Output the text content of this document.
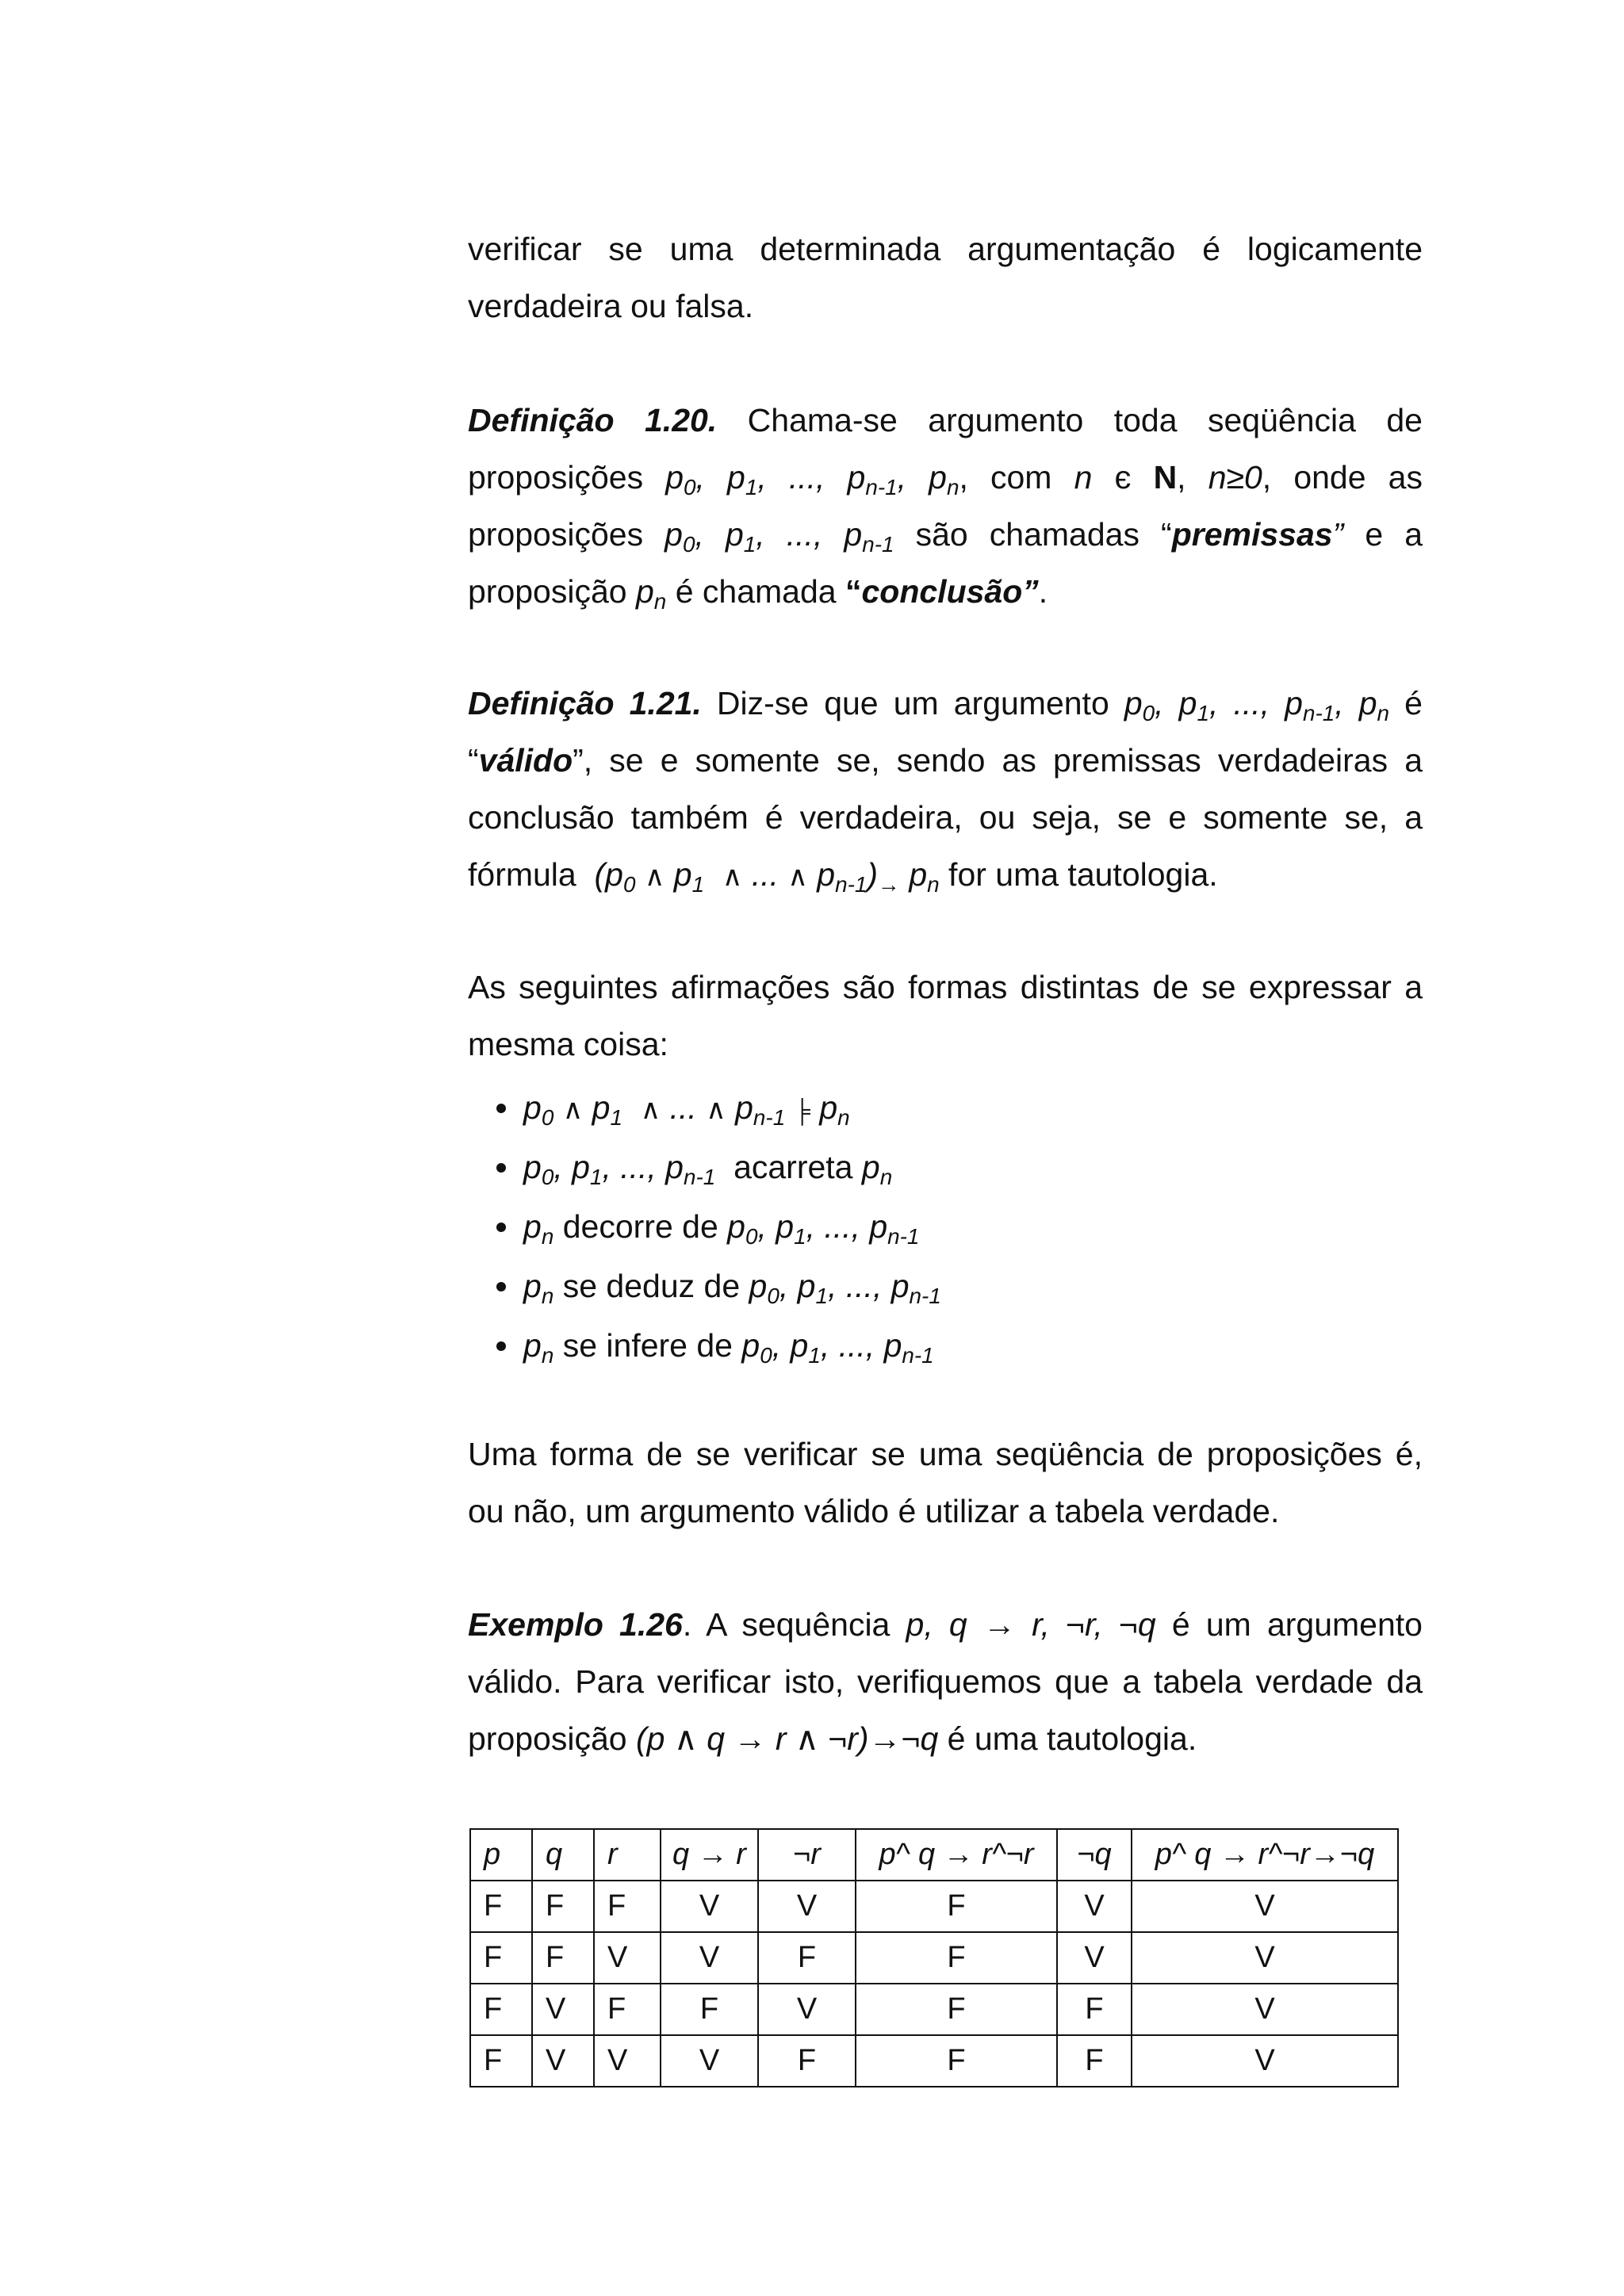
verificar se uma determinada argumentação é logicamente
verdadeira ou falsa.
Definição 1.20. Chama-se argumento toda seqüência de proposições $p_0$, $p_1$, ..., $p_{n-1}$, $p_n$, com n є N, n≥0, onde as proposições $p_0$, $p_1$, ..., $p_{n-1}$ são chamadas “premissas” e a proposição $p_n$ é chamada “conclusão”.
Definição 1.21. Diz-se que um argumento $p_0$, $p_1$, ..., $p_{n-1}$, $p_n$ é “válido”, se e somente se, sendo as premissas verdadeiras a conclusão também é verdadeira, ou seja, se e somente se, a fórmula ($p_0$ ∧ $p_1$ ∧ ... ∧ $p_{n-1})_\to$ $p_n$ for uma tautologia.
As seguintes afirmações são formas distintas de se expressar a mesma coisa:
$p_0$ ∧ $p_1$ ∧ ... ∧ $p_{n-1}$ ╞ $p_n$
$p_0$, $p_1$, ..., $p_{n-1}$ acarreta $p_n$
$p_n$ decorre de $p_0$, $p_1$, ..., $p_{n-1}$
$p_n$ se deduz de $p_0$, $p_1$, ..., $p_{n-1}$
$p_n$ se infere de $p_0$, $p_1$, ..., $p_{n-1}$
Uma forma de se verificar se uma seqüência de proposições é, ou não, um argumento válido é utilizar a tabela verdade.
Exemplo 1.26. A sequência p, q → r, ¬r, ¬q é um argumento válido. Para verificar isto, verifiquemos que a tabela verdade da proposição (p ∧ q → r ∧ ¬r)→¬q é uma tautologia.
p	q	r	q → r	¬r	p^ q → r^¬r	¬q	p^ q → r^¬r→¬q
F	F	F	V	V	F	V	V
F	F	V	V	F	F	V	V
F	V	F	F	V	F	F	V
F	V	V	V	F	F	F	V
